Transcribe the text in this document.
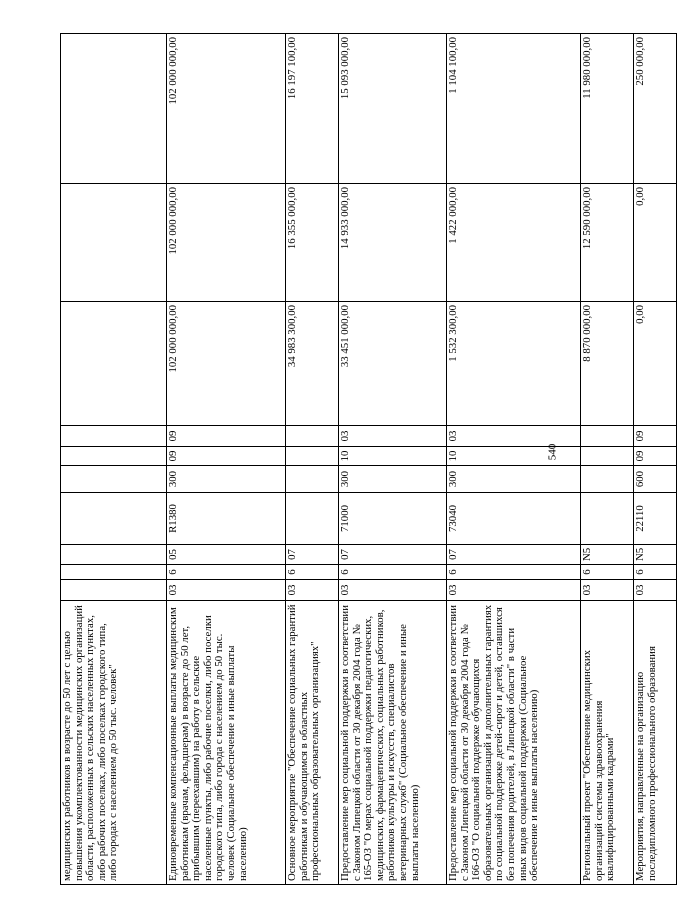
540
медицинских работников в возрасте до 50 лет с целью повышения укомплектованности медицинских организаций области, расположенных в сельских населенных пунктах, либо рабочих поселках, либо поселках городского типа, либо городах с населением до 50 тыс. человек"										
Единовременные компенсационные выплаты медицинским работникам (врачам, фельдшерам) в возрасте до 50 лет, прибывшим (переехавшим) на работу в сельские населенные пункты, либо рабочие поселки, либо поселки городского типа, либо города с населением до 50 тыс. человек (Социальное обеспечение и иные выплаты населению)	03	6	05	R1380	300	09	09	102 000 000,00	102 000 000,00	102 000 000,00
Основное мероприятие "Обеспечение социальных гарантий работникам и обучающимся в областных профессиональных образовательных организациях"	03	6	07					34 983 300,00	16 355 000,00	16 197 100,00
Предоставление мер социальной поддержки в соответствии с Законом Липецкой области от 30 декабря 2004 года № 165-ОЗ "О мерах социальной поддержки педагогических, медицинских, фармацевтических, социальных работников, работников культуры и искусств, специалистов ветеринарных служб" (Социальное обеспечение и иные выплаты населению)	03	6	07	71000	300	10	03	33 451 000,00	14 933 000,00	15 093 000,00
Предоставление мер социальной поддержки в соответствии с Законом Липецкой области от 30 декабря 2004 года № 166-ОЗ "О социальной поддержке обучающихся образовательных организаций и дополнительных гарантиях по социальной поддержке детей-сирот и детей, оставшихся без попечения родителей, в Липецкой области" в части иных видов социальной поддержки (Социальное обеспечение и иные выплаты населению)	03	6	07	73040	300	10	03	1 532 300,00	1 422 000,00	1 104 100,00
Региональный проект "Обеспечение медицинских организаций системы здравоохранения квалифицированными кадрами"	03	6	N5					8 870 000,00	12 590 000,00	11 980 000,00
Мероприятия, направленные на организацию последипломного профессионального образования	03	6	N5	22110	600	09	09	0,00	0,00	250 000,00
